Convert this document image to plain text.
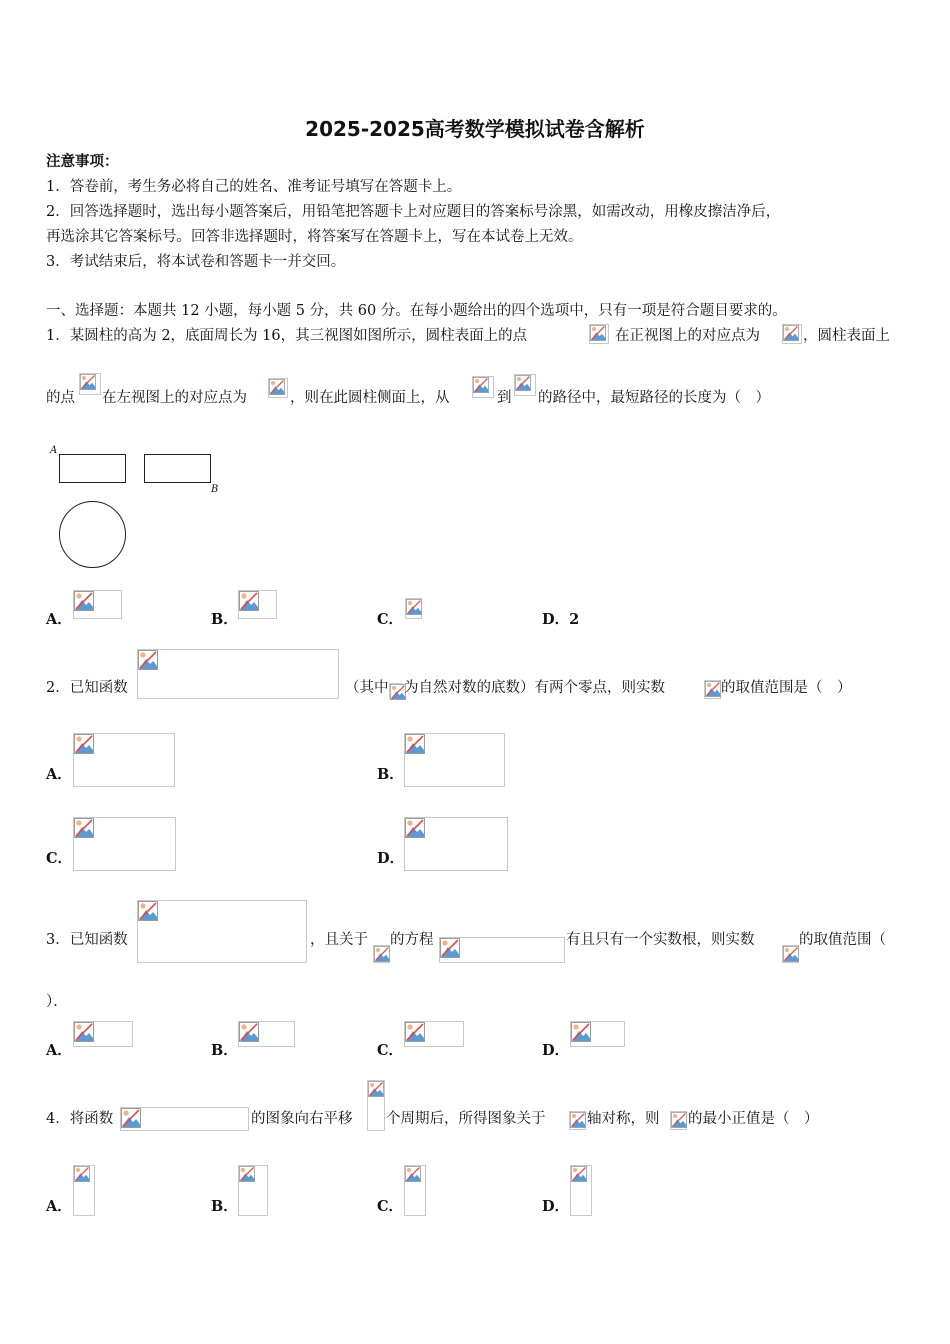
2025-2025高考数学模拟试卷含解析
注意事项：
1．答卷前，考生务必将自己的姓名、准考证号填写在答题卡上。
2．回答选择题时，选出每小题答案后，用铅笔把答题卡上对应题目的答案标号涂黑，如需改动，用橡皮擦洁净后，
再选涂其它答案标号。回答非选择题时，将答案写在答题卡上，写在本试卷上无效。
3．考试结束后，将本试卷和答题卡一并交回。
一、选择题：本题共 12 小题，每小题 5 分，共 60 分。在每小题给出的四个选项中，只有一项是符合题目要求的。
1．某圆柱的高为 2，底面周长为 16，其三视图如图所示，圆柱表面上的点	在正视图上的对应点为	，圆柱表面上
的点 在左视图上的对应点为	，则在此圆柱侧面上，从	到 的路径中，最短路径的长度为（　）
A
B
A．	B．	C．	D．2
2．已知函数	（其中 为自然对数的底数）有两个零点，则实数	的取值范围是（　）
A．	B．
C．	D．
3．已知函数	，且关于 的方程	有且只有一个实数根，则实数	的取值范围（
）．
A．	B．	C．	D．
4．将函数	的图象向右平移 个周期后，所得图象关于	轴对称，则 的最小正值是（　）
A．	B．	C．	D．
